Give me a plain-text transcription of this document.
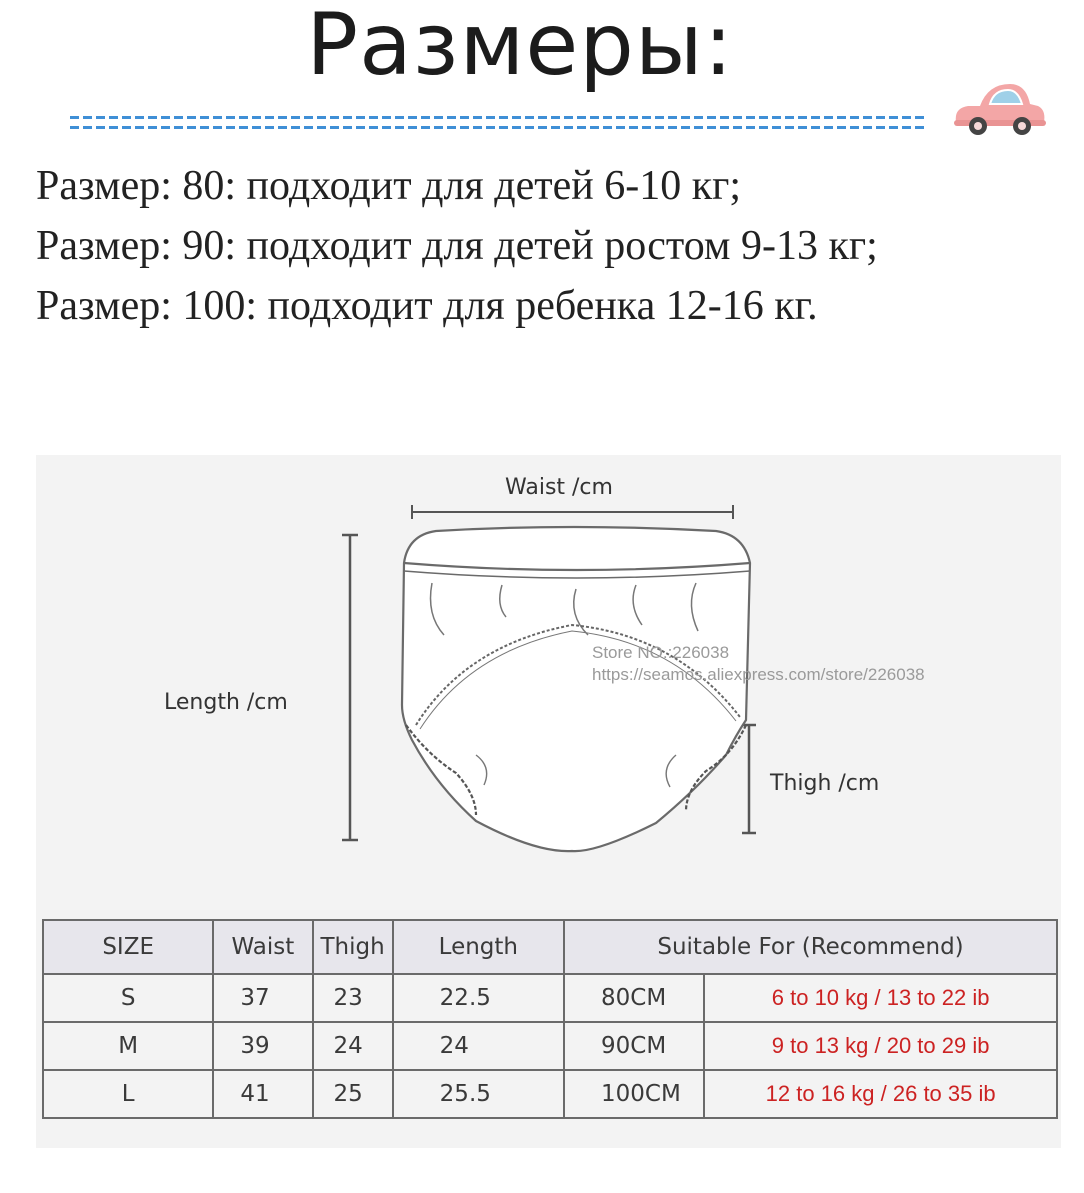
Размеры:
Размер: 80: подходит для детей 6-10 кг;
Размер: 90: подходит для детей ростом 9-13 кг;
Размер: 100: подходит для ребенка 12-16 кг.
Waist /cm
Length /cm
Thigh /cm
Store NO.:226038
https://seamos.aliexpress.com/store/226038
SIZE	Waist	Thigh	Length	Suitable For (Recommend)	
S	37	23	22.5	80CM	6 to 10 kg / 13 to 22 ib
M	39	24	24	90CM	9 to 13 kg / 20 to 29 ib
L	41	25	25.5	100CM	12 to 16 kg / 26 to 35 ib
